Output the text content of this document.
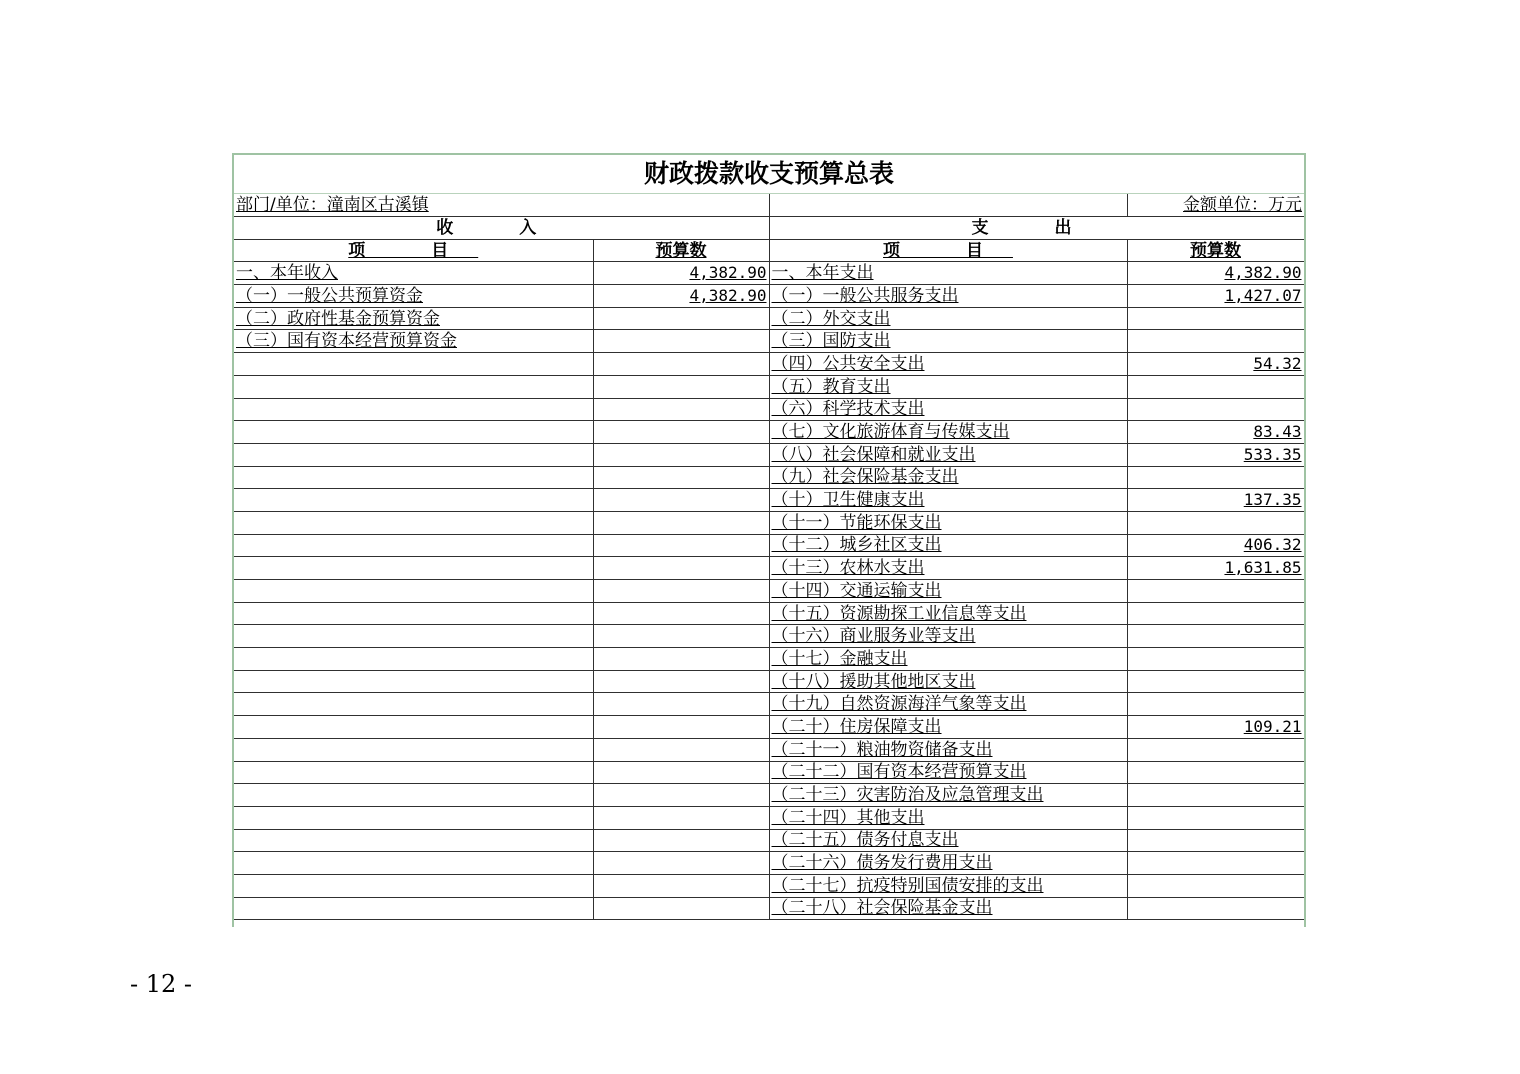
财政拨款收支预算总表			
部门/单位：潼南区古溪镇			金额单位：万元
收 入		支 出	
项 目	预算数	项 目	预算数
一、本年收入	4,382.90	一、本年支出	4,382.90
（一）一般公共预算资金	4,382.90	（一）一般公共服务支出	1,427.07
（二）政府性基金预算资金		（二）外交支出	
（三）国有资本经营预算资金		（三）国防支出	
		（四）公共安全支出	54.32
		（五）教育支出	
		（六）科学技术支出	
		（七）文化旅游体育与传媒支出	83.43
		（八）社会保障和就业支出	533.35
		（九）社会保险基金支出	
		（十）卫生健康支出	137.35
		（十一）节能环保支出	
		（十二）城乡社区支出	406.32
		（十三）农林水支出	1,631.85
		（十四）交通运输支出	
		（十五）资源勘探工业信息等支出	
		（十六）商业服务业等支出	
		（十七）金融支出	
		（十八）援助其他地区支出	
		（十九）自然资源海洋气象等支出	
		（二十）住房保障支出	109.21
		（二十一）粮油物资储备支出	
		（二十二）国有资本经营预算支出	
		（二十三）灾害防治及应急管理支出	
		（二十四）其他支出	
		（二十五）债务付息支出	
		（二十六）债务发行费用支出	
		（二十七）抗疫特别国债安排的支出	
		（二十八）社会保险基金支出	
- 12 -
